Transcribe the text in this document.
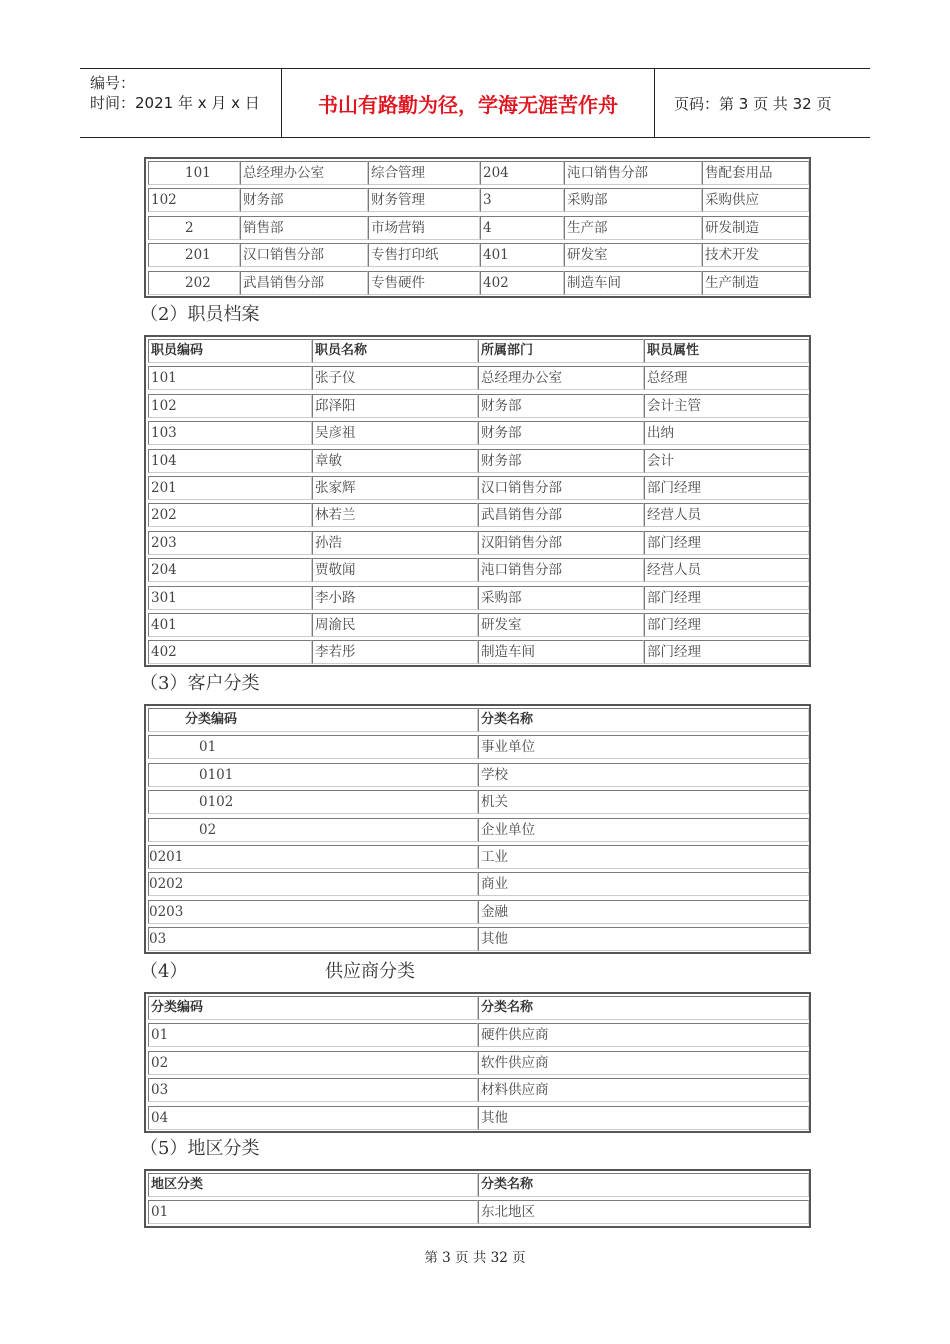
编号：
时间：2021 年 x 月 x 日	书山有路勤为径，学海无涯苦作舟	页码：第 3 页 共 32 页
101	总经理办公室	综合管理	204	沌口销售分部	售配套用品
102	财务部	财务管理	3	采购部	采购供应
2	销售部	市场营销	4	生产部	研发制造
201	汉口销售分部	专售打印纸	401	研发室	技术开发
202	武昌销售分部	专售硬件	402	制造车间	生产制造
（2）职员档案
职员编码	职员名称	所属部门	职员属性
101	张子仪	总经理办公室	总经理
102	邱泽阳	财务部	会计主管
103	吴彦祖	财务部	出纳
104	章敏	财务部	会计
201	张家辉	汉口销售分部	部门经理
202	林若兰	武昌销售分部	经营人员
203	孙浩	汉阳销售分部	部门经理
204	贾敬闻	沌口销售分部	经营人员
301	李小路	采购部	部门经理
401	周渝民	研发室	部门经理
402	李若彤	制造车间	部门经理
（3）客户分类
分类编码	分类名称
01	事业单位
0101	学校
0102	机关
02	企业单位
0201	工业
0202	商业
0203	金融
03	其他
（4）	供应商分类
分类编码	分类名称
01	硬件供应商
02	软件供应商
03	材料供应商
04	其他
（5）地区分类
地区分类	分类名称
01	东北地区
第 3 页 共 32 页
